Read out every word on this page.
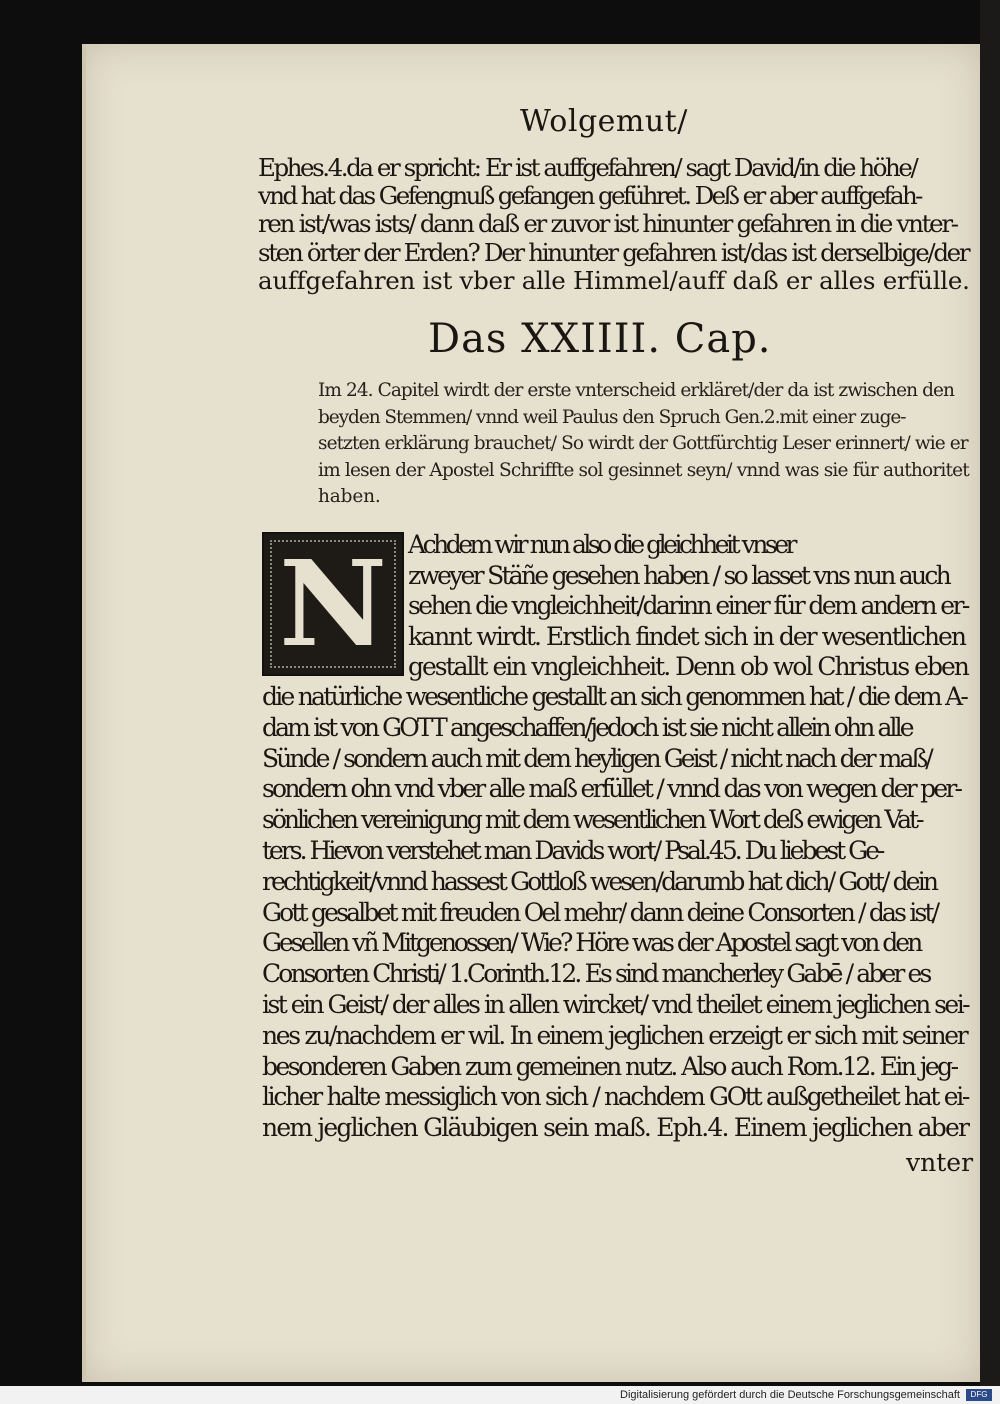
Wolgemut/
Ephes.4.da er spricht: Er ist auffgefahren/ sagt David/in die höhe/
vnd hat das Gefengnuß gefangen geführet. Deß er aber auffgefah-
ren ist/was ists/ dann daß er zuvor ist hinunter gefahren in die vnter-
sten örter der Erden? Der hinunter gefahren ist/das ist derselbige/der
auffgefahren ist vber alle Himmel/auff daß er alles erfülle.
Das XXIIII. Cap.
Im 24. Capitel wirdt der erste vnterscheid erkläret/der da ist zwischen den
beyden Stemmen/ vnnd weil Paulus den Spruch Gen.2.mit einer zuge-
setzten erklärung brauchet/ So wirdt der Gottfürchtig Leser erinnert/ wie er
im lesen der Apostel Schriffte sol gesinnet seyn/ vnnd was sie für authoritet
haben.
N Achdem wir nun also die gleichheit vnser
zweyer Stäñe gesehen haben / so lasset vns nun auch
sehen die vngleichheit/darinn einer für dem andern er-
kannt wirdt. Erstlich findet sich in der wesentlichen
gestallt ein vngleichheit. Denn ob wol Christus eben
die natürliche wesentliche gestallt an sich genommen hat / die dem A-
dam ist von GOTT angeschaffen/jedoch ist sie nicht allein ohn alle
Sünde / sondern auch mit dem heyligen Geist / nicht nach der maß/
sondern ohn vnd vber alle maß erfüllet / vnnd das von wegen der per-
sönlichen vereinigung mit dem wesentlichen Wort deß ewigen Vat-
ters. Hievon verstehet man Davids wort/ Psal.45. Du liebest Ge-
rechtigkeit/vnnd hassest Gottloß wesen/darumb hat dich/ Gott/ dein
Gott gesalbet mit freuden Oel mehr/ dann deine Consorten / das ist/
Gesellen vñ Mitgenossen/ Wie? Höre was der Apostel sagt von den
Consorten Christi/ 1.Corinth.12. Es sind mancherley Gabē / aber es
ist ein Geist/ der alles in allen wircket/ vnd theilet einem jeglichen sei-
nes zu/nachdem er wil. In einem jeglichen erzeigt er sich mit seiner
besonderen Gaben zum gemeinen nutz. Also auch Rom.12. Ein jeg-
licher halte messiglich von sich / nachdem GOtt außgetheilet hat ei-
nem jeglichen Gläubigen sein maß. Eph.4. Einem jeglichen aber
vnter
Digitalisierung gefördert durch die Deutsche Forschungsgemeinschaft	DFG
